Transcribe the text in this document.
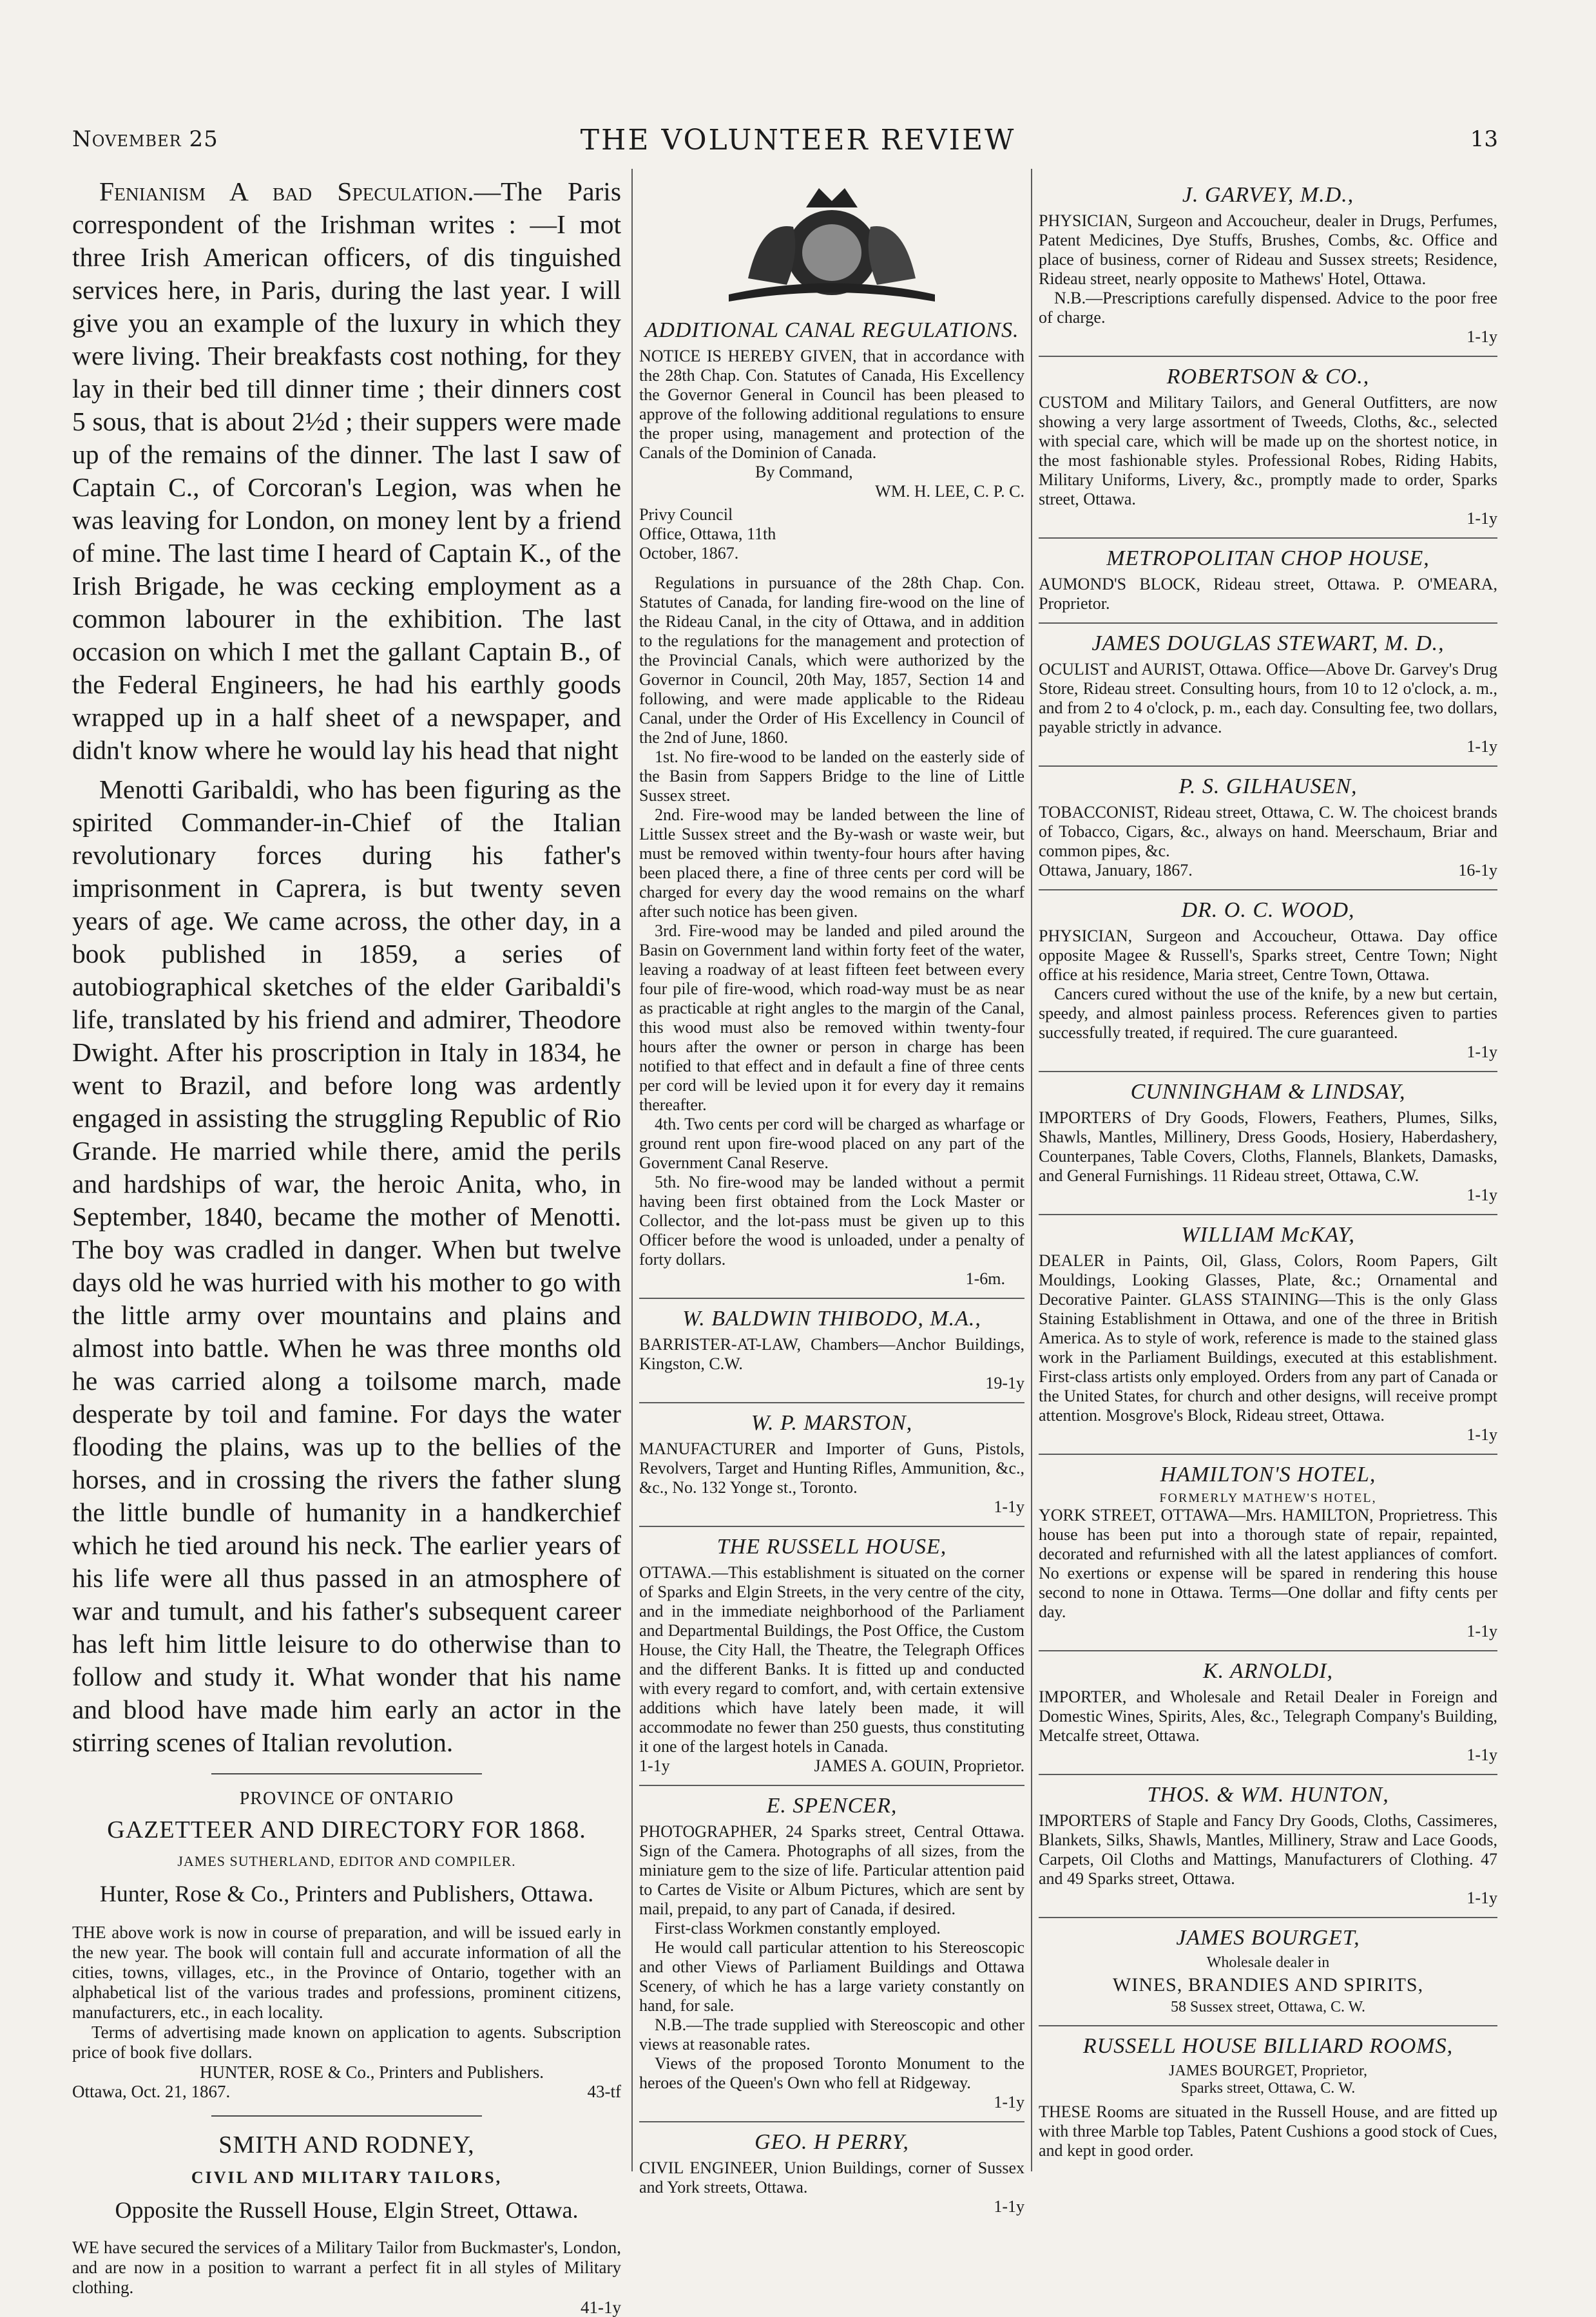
November 25	THE VOLUNTEER REVIEW	13

Fenianism A bad Speculation.—The Paris correspondent of the Irishman writes : —I mot three Irish American officers, of dis tinguished services here, in Paris, during the last year. I will give you an example of the luxury in which they were living. Their breakfasts cost nothing, for they lay in their bed till dinner time ; their dinners cost 5 sous, that is about 2½d ; their suppers were made up of the remains of the dinner. The last I saw of Captain C., of Corcoran's Legion, was when he was leaving for London, on money lent by a friend of mine. The last time I heard of Captain K., of the Irish Brigade, he was cecking employment as a common labourer in the exhibition. The last occasion on which I met the gallant Captain B., of the Federal Engineers, he had his earthly goods wrapped up in a half sheet of a newspaper, and didn't know where he would lay his head that night

Menotti Garibaldi, who has been figuring as the spirited Commander-in-Chief of the Italian revolutionary forces during his father's imprisonment in Caprera, is but twenty seven years of age. We came across, the other day, in a book published in 1859, a series of autobiographical sketches of the elder Garibaldi's life, translated by his friend and admirer, Theodore Dwight. After his proscription in Italy in 1834, he went to Brazil, and before long was ardently engaged in assisting the struggling Republic of Rio Grande. He married while there, amid the perils and hardships of war, the heroic Anita, who, in September, 1840, became the mother of Menotti. The boy was cradled in danger. When but twelve days old he was hurried with his mother to go with the little army over mountains and plains and almost into battle. When he was three months old he was carried along a toilsome march, made desperate by toil and famine. For days the water flooding the plains, was up to the bellies of the horses, and in crossing the rivers the father slung the little bundle of humanity in a handkerchief which he tied around his neck. The earlier years of his life were all thus passed in an atmosphere of war and tumult, and his father's subsequent career has left him little leisure to do otherwise than to follow and study it. What wonder that his name and blood have made him early an actor in the stirring scenes of Italian revolution.

PROVINCE OF ONTARIO
GAZETTEER AND DIRECTORY FOR 1868.
JAMES SUTHERLAND, EDITOR AND COMPILER.
Hunter, Rose & Co., Printers and Publishers, Ottawa.

THE above work is now in course of preparation, and will be issued early in the new year. The book will contain full and accurate information of all the cities, towns, villages, etc., in the Province of Ontario, together with an alphabetical list of the various trades and professions, prominent citizens, manufacturers, etc., in each locality.

Terms of advertising made known on application to agents. Subscription price of book five dollars.

HUNTER, ROSE & Co., Printers and Publishers.
Ottawa, Oct. 21, 1867.	43-tf
SMITH AND RODNEY,
CIVIL AND MILITARY TAILORS,
Opposite the Russell House, Elgin Street, Ottawa.

WE have secured the services of a Military Tailor from Buckmaster's, London, and are now in a position to warrant a perfect fit in all styles of Military clothing.

41-1y
ADDITIONAL CANAL REGULATIONS.

NOTICE IS HEREBY GIVEN, that in accordance with the 28th Chap. Con. Statutes of Canada, His Excellency the Governor General in Council has been pleased to approve of the following additional regulations to ensure the proper using, management and protection of the Canals of the Dominion of Canada.

By Command,
WM. H. LEE, C. P. C.
Privy Council Office, Ottawa, 11th October, 1867.

Regulations in pursuance of the 28th Chap. Con. Statutes of Canada, for landing fire-wood on the line of the Rideau Canal, in the city of Ottawa, and in addition to the regulations for the management and protection of the Provincial Canals, which were authorized by the Governor in Council, 20th May, 1857, Section 14 and following, and were made applicable to the Rideau Canal, under the Order of His Excellency in Council of the 2nd of June, 1860.

1st. No fire-wood to be landed on the easterly side of the Basin from Sappers Bridge to the line of Little Sussex street.

2nd. Fire-wood may be landed between the line of Little Sussex street and the By-wash or waste weir, but must be removed within twenty-four hours after having been placed there, a fine of three cents per cord will be charged for every day the wood remains on the wharf after such notice has been given.

3rd. Fire-wood may be landed and piled around the Basin on Government land within forty feet of the water, leaving a roadway of at least fifteen feet between every four pile of fire-wood, which road-way must be as near as practicable at right angles to the margin of the Canal, this wood must also be removed within twenty-four hours after the owner or person in charge has been notified to that effect and in default a fine of three cents per cord will be levied upon it for every day it remains thereafter.

4th. Two cents per cord will be charged as wharfage or ground rent upon fire-wood placed on any part of the Government Canal Reserve.

5th. No fire-wood may be landed without a permit having been first obtained from the Lock Master or Collector, and the lot-pass must be given up to this Officer before the wood is unloaded, under a penalty of forty dollars.

1-6m.
W. BALDWIN THIBODO, M.A.,

BARRISTER-AT-LAW, Chambers—Anchor Buildings, Kingston, C.W.

19-1y
W. P. MARSTON,

MANUFACTURER and Importer of Guns, Pistols, Revolvers, Target and Hunting Rifles, Ammunition, &c., &c., No. 132 Yonge st., Toronto.

1-1y
THE RUSSELL HOUSE,

OTTAWA.—This establishment is situated on the corner of Sparks and Elgin Streets, in the very centre of the city, and in the immediate neighborhood of the Parliament and Departmental Buildings, the Post Office, the Custom House, the City Hall, the Theatre, the Telegraph Offices and the different Banks. It is fitted up and conducted with every regard to comfort, and, with certain extensive additions which have lately been made, it will accommodate no fewer than 250 guests, thus constituting it one of the largest hotels in Canada.

1-1y	JAMES A. GOUIN, Proprietor.
E. SPENCER,

PHOTOGRAPHER, 24 Sparks street, Central Ottawa. Sign of the Camera. Photographs of all sizes, from the miniature gem to the size of life. Particular attention paid to Cartes de Visite or Album Pictures, which are sent by mail, prepaid, to any part of Canada, if desired.

First-class Workmen constantly employed.

He would call particular attention to his Stereoscopic and other Views of Parliament Buildings and Ottawa Scenery, of which he has a large variety constantly on hand, for sale.

N.B.—The trade supplied with Stereoscopic and other views at reasonable rates.

Views of the proposed Toronto Monument to the heroes of the Queen's Own who fell at Ridgeway.

1-1y
GEO. H PERRY,

CIVIL ENGINEER, Union Buildings, corner of Sussex and York streets, Ottawa.

1-1y
J. GARVEY, M.D.,

PHYSICIAN, Surgeon and Accoucheur, dealer in Drugs, Perfumes, Patent Medicines, Dye Stuffs, Brushes, Combs, &c. Office and place of business, corner of Rideau and Sussex streets; Residence, Rideau street, nearly opposite to Mathews' Hotel, Ottawa.

N.B.—Prescriptions carefully dispensed. Advice to the poor free of charge.

1-1y
ROBERTSON & CO.,

CUSTOM and Military Tailors, and General Outfitters, are now showing a very large assortment of Tweeds, Cloths, &c., selected with special care, which will be made up on the shortest notice, in the most fashionable styles. Professional Robes, Riding Habits, Military Uniforms, Livery, &c., promptly made to order, Sparks street, Ottawa.

1-1y
METROPOLITAN CHOP HOUSE,

AUMOND'S BLOCK, Rideau street, Ottawa. P. O'MEARA, Proprietor.

JAMES DOUGLAS STEWART, M. D.,

OCULIST and AURIST, Ottawa. Office—Above Dr. Garvey's Drug Store, Rideau street. Consulting hours, from 10 to 12 o'clock, a. m., and from 2 to 4 o'clock, p. m., each day. Consulting fee, two dollars, payable strictly in advance.

1-1y
P. S. GILHAUSEN,

TOBACCONIST, Rideau street, Ottawa, C. W. The choicest brands of Tobacco, Cigars, &c., always on hand. Meerschaum, Briar and common pipes, &c.

Ottawa, January, 1867.	16-1y
DR. O. C. WOOD,

PHYSICIAN, Surgeon and Accoucheur, Ottawa. Day office opposite Magee & Russell's, Sparks street, Centre Town; Night office at his residence, Maria street, Centre Town, Ottawa.

Cancers cured without the use of the knife, by a new but certain, speedy, and almost painless process. References given to parties successfully treated, if required. The cure guaranteed.

1-1y
CUNNINGHAM & LINDSAY,

IMPORTERS of Dry Goods, Flowers, Feathers, Plumes, Silks, Shawls, Mantles, Millinery, Dress Goods, Hosiery, Haberdashery, Counterpanes, Table Covers, Cloths, Flannels, Blankets, Damasks, and General Furnishings. 11 Rideau street, Ottawa, C.W.

1-1y
WILLIAM McKAY,

DEALER in Paints, Oil, Glass, Colors, Room Papers, Gilt Mouldings, Looking Glasses, Plate, &c.; Ornamental and Decorative Painter. GLASS STAINING—This is the only Glass Staining Establishment in Ottawa, and one of the three in British America. As to style of work, reference is made to the stained glass work in the Parliament Buildings, executed at this establishment. First-class artists only employed. Orders from any part of Canada or the United States, for church and other designs, will receive prompt attention. Mosgrove's Block, Rideau street, Ottawa.

1-1y
HAMILTON'S HOTEL,
FORMERLY MATHEW'S HOTEL,

YORK STREET, OTTAWA—Mrs. HAMILTON, Proprietress. This house has been put into a thorough state of repair, repainted, decorated and refurnished with all the latest appliances of comfort. No exertions or expense will be spared in rendering this house second to none in Ottawa. Terms—One dollar and fifty cents per day.

1-1y
K. ARNOLDI,

IMPORTER, and Wholesale and Retail Dealer in Foreign and Domestic Wines, Spirits, Ales, &c., Telegraph Company's Building, Metcalfe street, Ottawa.

1-1y
THOS. & WM. HUNTON,

IMPORTERS of Staple and Fancy Dry Goods, Cloths, Cassimeres, Blankets, Silks, Shawls, Mantles, Millinery, Straw and Lace Goods, Carpets, Oil Cloths and Mattings, Manufacturers of Clothing. 47 and 49 Sparks street, Ottawa.

1-1y
JAMES BOURGET,
Wholesale dealer in
WINES, BRANDIES AND SPIRITS,
58 Sussex street, Ottawa, C. W.
RUSSELL HOUSE BILLIARD ROOMS,
JAMES BOURGET, Proprietor,
Sparks street, Ottawa, C. W.

THESE Rooms are situated in the Russell House, and are fitted up with three Marble top Tables, Patent Cushions a good stock of Cues, and kept in good order.
